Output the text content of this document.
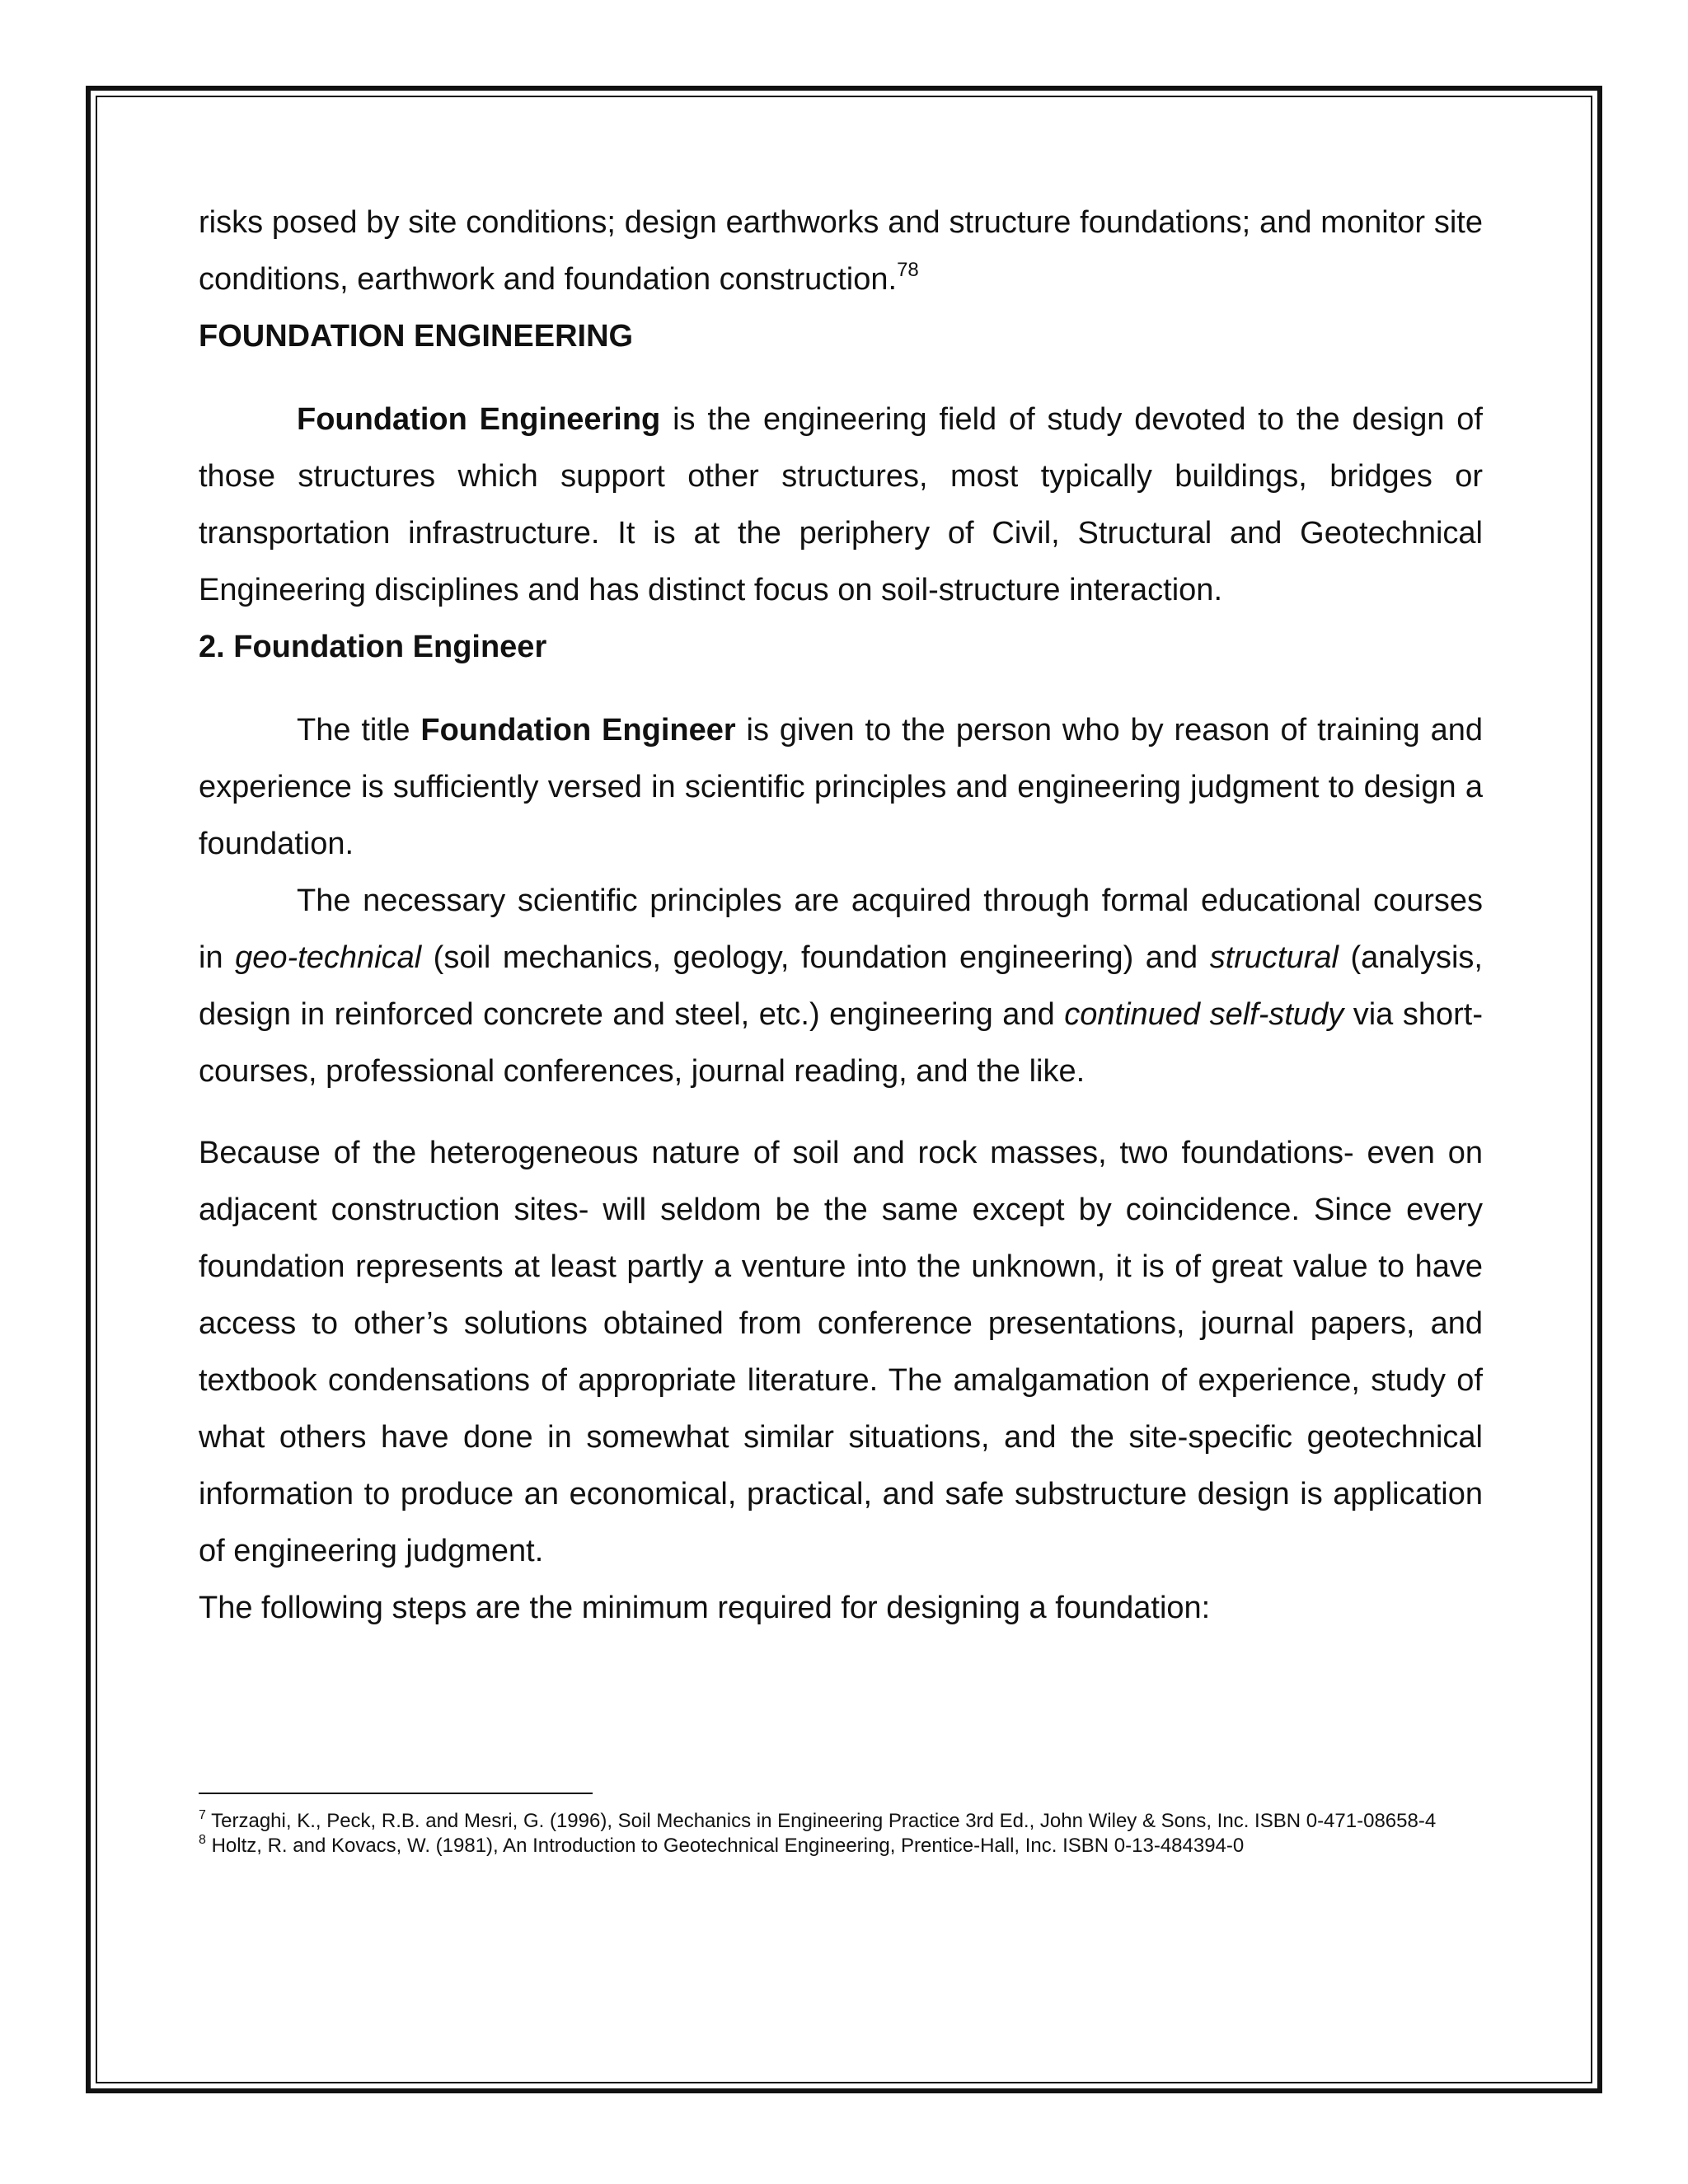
risks posed by site conditions; design earthworks and structure foundations; and monitor site conditions, earthwork and foundation construction.$^{78}$

FOUNDATION ENGINEERING

Foundation Engineering is the engineering field of study devoted to the design of those structures which support other structures, most typically buildings, bridges or transportation infrastructure. It is at the periphery of Civil, Structural and Geotechnical Engineering disciplines and has distinct focus on soil-structure interaction.

2. Foundation Engineer

The title Foundation Engineer is given to the person who by reason of training and experience is sufficiently versed in scientific principles and engineering judgment to design a foundation.

The necessary scientific principles are acquired through formal educational courses in geo-technical (soil mechanics, geology, foundation engineering) and structural (analysis, design in reinforced concrete and steel, etc.) engineering and continued self-study via short-courses, professional conferences, journal reading, and the like.

Because of the heterogeneous nature of soil and rock masses, two foundations- even on adjacent construction sites- will seldom be the same except by coincidence. Since every foundation represents at least partly a venture into the unknown, it is of great value to have access to other’s solutions obtained from conference presentations, journal papers, and textbook condensations of appropriate literature. The amalgamation of experience, study of what others have done in somewhat similar situations, and the site-specific geotechnical information to produce an economical, practical, and safe substructure design is application of engineering judgment.

The following steps are the minimum required for designing a foundation:

$^7$ Terzaghi, K., Peck, R.B. and Mesri, G. (1996), Soil Mechanics in Engineering Practice 3rd Ed., John Wiley & Sons, Inc. ISBN 0-471-08658-4

$^8$ Holtz, R. and Kovacs, W. (1981), An Introduction to Geotechnical Engineering, Prentice-Hall, Inc. ISBN 0-13-484394-0
